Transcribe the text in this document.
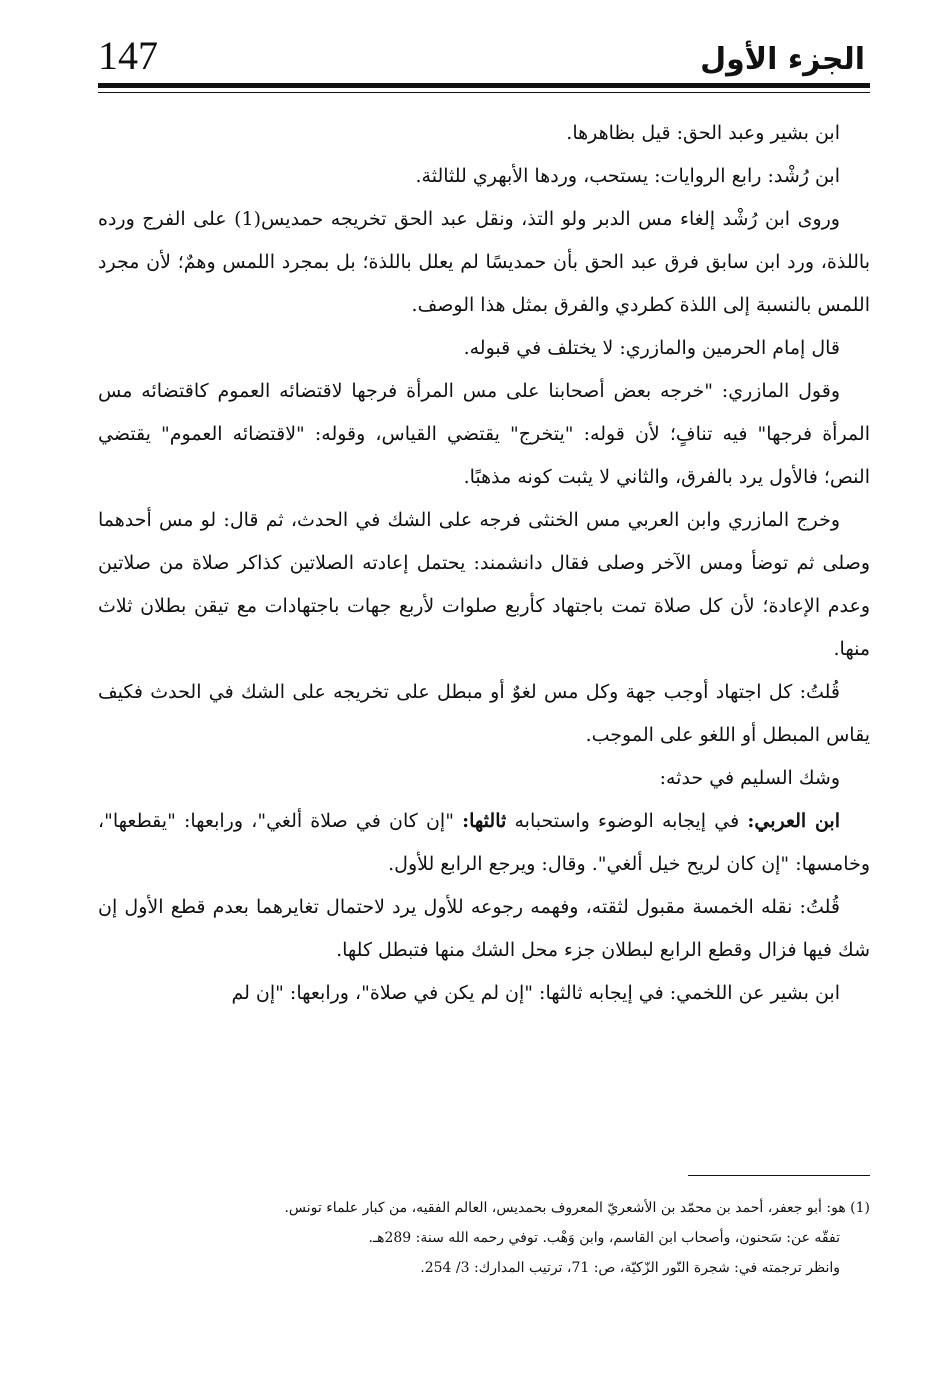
147	الجزء الأول

ابن بشير وعبد الحق: قيل بظاهرها.

ابن رُشْد: رابع الروايات: يستحب، وردها الأبهري للثالثة.

وروى ابن رُشْد إلغاء مس الدبر ولو التذ، ونقل عبد الحق تخريجه حمديس(1) على الفرج ورده باللذة، ورد ابن سابق فرق عبد الحق بأن حمديسًا لم يعلل باللذة؛ بل بمجرد اللمس وهمٌ؛ لأن مجرد اللمس بالنسبة إلى اللذة كطردي والفرق بمثل هذا الوصف.

قال إمام الحرمين والمازري: لا يختلف في قبوله.

وقول المازري: "خرجه بعض أصحابنا على مس المرأة فرجها لاقتضائه العموم كاقتضائه مس المرأة فرجها" فيه تنافٍ؛ لأن قوله: "يتخرج" يقتضي القياس، وقوله: "لاقتضائه العموم" يقتضي النص؛ فالأول يرد بالفرق، والثاني لا يثبت كونه مذهبًا.

وخرج المازري وابن العربي مس الخنثى فرجه على الشك في الحدث، ثم قال: لو مس أحدهما وصلى ثم توضأ ومس الآخر وصلى فقال دانشمند: يحتمل إعادته الصلاتين كذاكر صلاة من صلاتين وعدم الإعادة؛ لأن كل صلاة تمت باجتهاد كأربع صلوات لأربع جهات باجتهادات مع تيقن بطلان ثلاث منها.

قُلتُ: كل اجتهاد أوجب جهة وكل مس لغوٌ أو مبطل على تخريجه على الشك في الحدث فكيف يقاس المبطل أو اللغو على الموجب.

وشك السليم في حدثه:

ابن العربي: في إيجابه الوضوء واستحبابه ثالثها: "إن كان في صلاة ألغي"، ورابعها: "يقطعها"، وخامسها: "إن كان لريح خيل ألغي". وقال: ويرجع الرابع للأول.

قُلتُ: نقله الخمسة مقبول لثقته، وفهمه رجوعه للأول يرد لاحتمال تغايرهما بعدم قطع الأول إن شك فيها فزال وقطع الرابع لبطلان جزء محل الشك منها فتبطل كلها.

ابن بشير عن اللخمي: في إيجابه ثالثها: "إن لم يكن في صلاة"، ورابعها: "إن لم

(1) هو: أبو جعفر، أحمد بن محمّد بن الأشعريّ المعروف بحمديس، العالم الفقيه، من كبار علماء تونس.

تفقّه عن: سَحنون، وأصحاب ابن القاسم، وابن وَهْب. توفي رحمه الله سنة: 289هـ.

وانظر ترجمته في: شجرة النّور الزّكيّة، ص: 71، ترتيب المدارك: 3/ 254.
